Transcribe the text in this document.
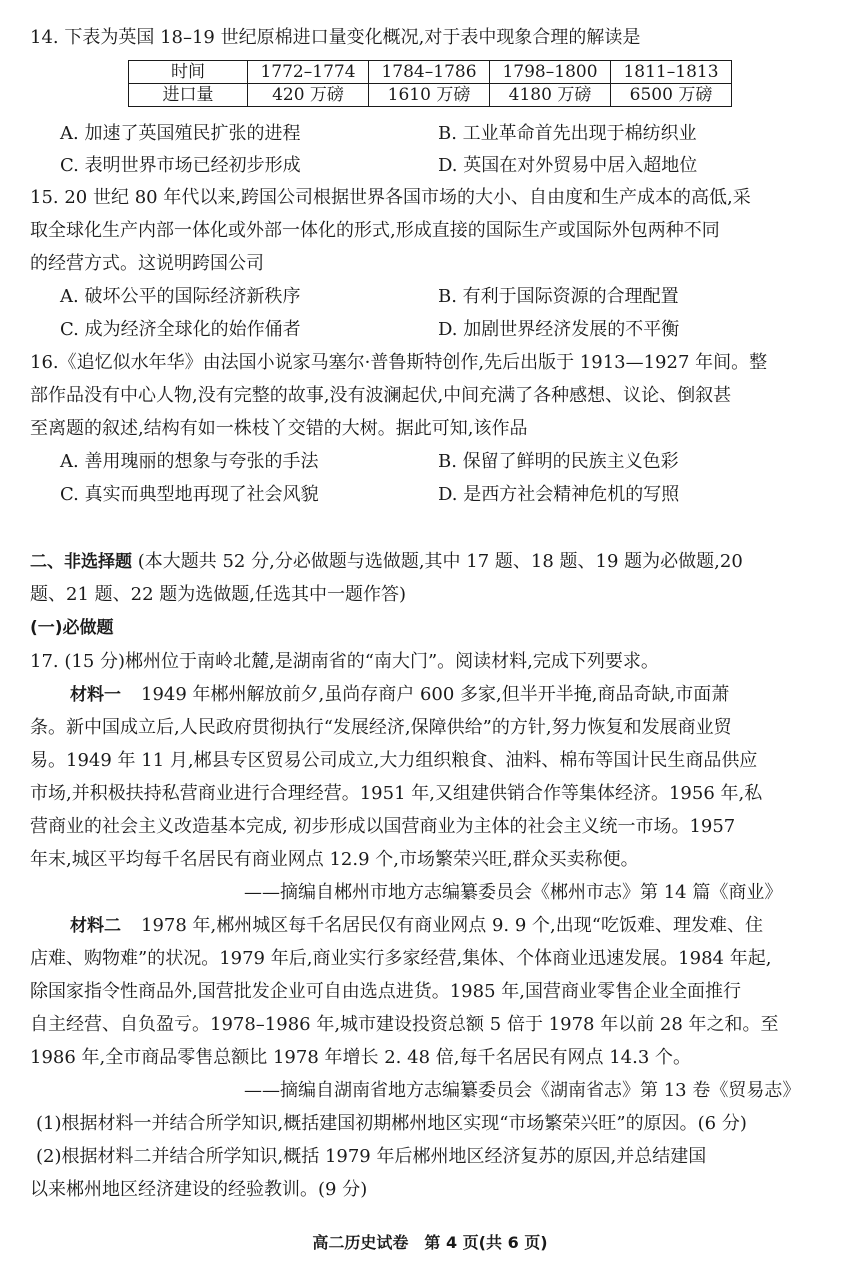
14. 下表为英国 18–19 世纪原棉进口量变化概况,对于表中现象合理的解读是
时间	1772–1774	1784–1786	1798–1800	1811–1813
进口量	420 万磅	1610 万磅	4180 万磅	6500 万磅
A. 加速了英国殖民扩张的进程	B. 工业革命首先出现于棉纺织业
C. 表明世界市场已经初步形成	D. 英国在对外贸易中居入超地位
15. 20 世纪 80 年代以来,跨国公司根据世界各国市场的大小、自由度和生产成本的高低,采
取全球化生产内部一体化或外部一体化的形式,形成直接的国际生产或国际外包两种不同
的经营方式。这说明跨国公司
A. 破坏公平的国际经济新秩序	B. 有利于国际资源的合理配置
C. 成为经济全球化的始作俑者	D. 加剧世界经济发展的不平衡
16.《追忆似水年华》由法国小说家马塞尔·普鲁斯特创作,先后出版于 1913—1927 年间。整
部作品没有中心人物,没有完整的故事,没有波澜起伏,中间充满了各种感想、议论、倒叙甚
至离题的叙述,结构有如一株枝丫交错的大树。据此可知,该作品
A. 善用瑰丽的想象与夸张的手法	B. 保留了鲜明的民族主义色彩
C. 真实而典型地再现了社会风貌	D. 是西方社会精神危机的写照
二、非选择题 (本大题共 52 分,分必做题与选做题,其中 17 题、18 题、19 题为必做题,20
题、21 题、22 题为选做题,任选其中一题作答)
(一)必做题
17. (15 分)郴州位于南岭北麓,是湖南省的“南大门”。阅读材料,完成下列要求。
材料一 1949 年郴州解放前夕,虽尚存商户 600 多家,但半开半掩,商品奇缺,市面萧
条。新中国成立后,人民政府贯彻执行“发展经济,保障供给”的方针,努力恢复和发展商业贸
易。1949 年 11 月,郴县专区贸易公司成立,大力组织粮食、油料、棉布等国计民生商品供应
市场,并积极扶持私营商业进行合理经营。1951 年,又组建供销合作等集体经济。1956 年,私
营商业的社会主义改造基本完成, 初步形成以国营商业为主体的社会主义统一市场。1957
年末,城区平均每千名居民有商业网点 12.9 个,市场繁荣兴旺,群众买卖称便。
——摘编自郴州市地方志编纂委员会《郴州市志》第 14 篇《商业》
材料二 1978 年,郴州城区每千名居民仅有商业网点 9. 9 个,出现“吃饭难、理发难、住
店难、购物难”的状况。1979 年后,商业实行多家经营,集体、个体商业迅速发展。1984 年起,
除国家指令性商品外,国营批发企业可自由选点进货。1985 年,国营商业零售企业全面推行
自主经营、自负盈亏。1978–1986 年,城市建设投资总额 5 倍于 1978 年以前 28 年之和。至
1986 年,全市商品零售总额比 1978 年增长 2. 48 倍,每千名居民有网点 14.3 个。
——摘编自湖南省地方志编纂委员会《湖南省志》第 13 卷《贸易志》
(1)根据材料一并结合所学知识,概括建国初期郴州地区实现“市场繁荣兴旺”的原因。(6 分)
(2)根据材料二并结合所学知识,概括 1979 年后郴州地区经济复苏的原因,并总结建国
以来郴州地区经济建设的经验教训。(9 分)
高二历史试卷　第 4 页(共 6 页)
